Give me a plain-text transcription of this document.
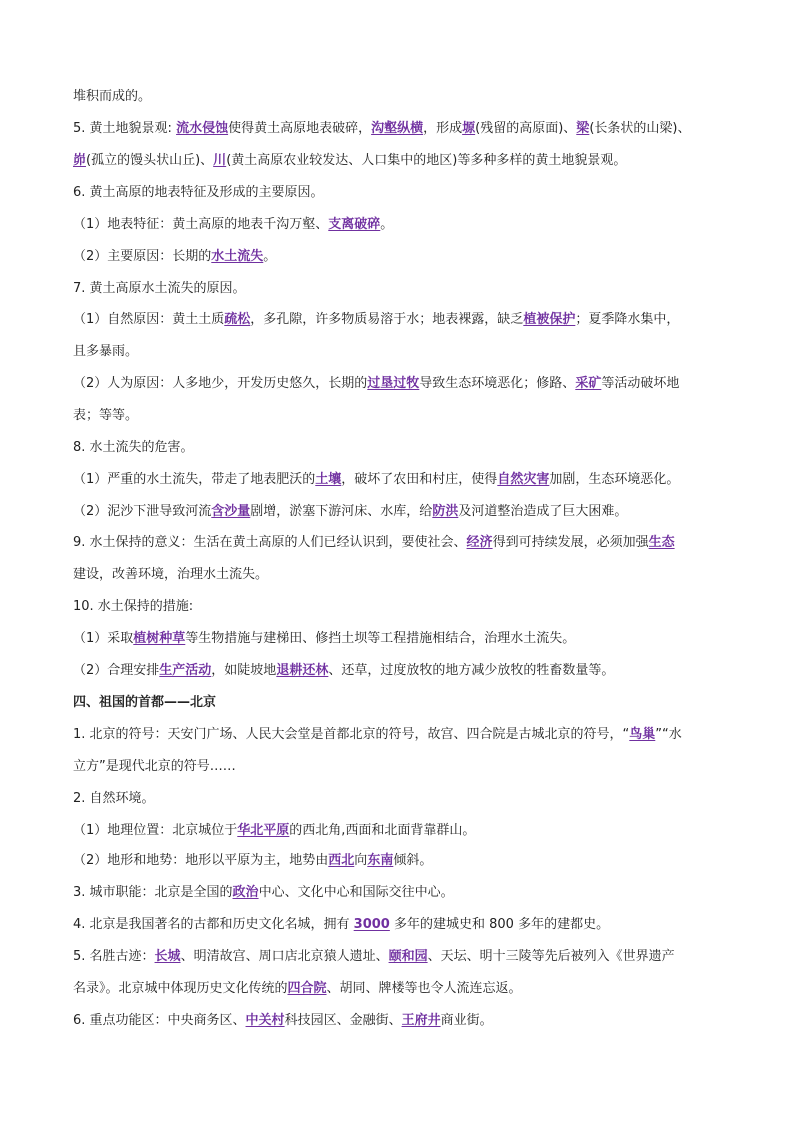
堆积而成的。
5. 黄土地貌景观: 流水侵蚀使得黄土高原地表破碎，沟壑纵横，形成塬(残留的高原面)、梁(长条状的山梁)、
峁(孤立的馒头状山丘)、川(黄土高原农业较发达、人口集中的地区)等多种多样的黄土地貌景观。
6. 黄土高原的地表特征及形成的主要原因。
（1）地表特征：黄土高原的地表千沟万壑、支离破碎。
（2）主要原因：长期的水土流失。
7. 黄土高原水土流失的原因。
（1）自然原因：黄土土质疏松，多孔隙，许多物质易溶于水；地表裸露，缺乏植被保护；夏季降水集中，
且多暴雨。
（2）人为原因：人多地少，开发历史悠久，长期的过垦过牧导致生态环境恶化；修路、采矿等活动破坏地
表；等等。
8. 水土流失的危害。
（1）严重的水土流失，带走了地表肥沃的土壤，破坏了农田和村庄，使得自然灾害加剧，生态环境恶化。
（2）泥沙下泄导致河流含沙量剧增，淤塞下游河床、水库，给防洪及河道整治造成了巨大困难。
9. 水土保持的意义：生活在黄土高原的人们已经认识到，要使社会、经济得到可持续发展，必须加强生态
建设，改善环境，治理水土流失。
10. 水土保持的措施:
（1）采取植树种草等生物措施与建梯田、修挡土坝等工程措施相结合，治理水土流失。
（2）合理安排生产活动，如陡坡地退耕还林、还草，过度放牧的地方减少放牧的牲畜数量等。
四、祖国的首都——北京
1. 北京的符号：天安门广场、人民大会堂是首都北京的符号，故宫、四合院是古城北京的符号，“鸟巢”“水
立方”是现代北京的符号……
2. 自然环境。
（1）地理位置：北京城位于华北平原的西北角,西面和北面背靠群山。
（2）地形和地势：地形以平原为主，地势由西北向东南倾斜。
3. 城市职能：北京是全国的政治中心、文化中心和国际交往中心。
4. 北京是我国著名的古都和历史文化名城，拥有 3000 多年的建城史和 800 多年的建都史。
5. 名胜古迹：长城、明清故宫、周口店北京猿人遗址、颐和园、天坛、明十三陵等先后被列入《世界遗产
名录》。北京城中体现历史文化传统的四合院、胡同、牌楼等也令人流连忘返。
6. 重点功能区：中央商务区、中关村科技园区、金融街、王府井商业街。
